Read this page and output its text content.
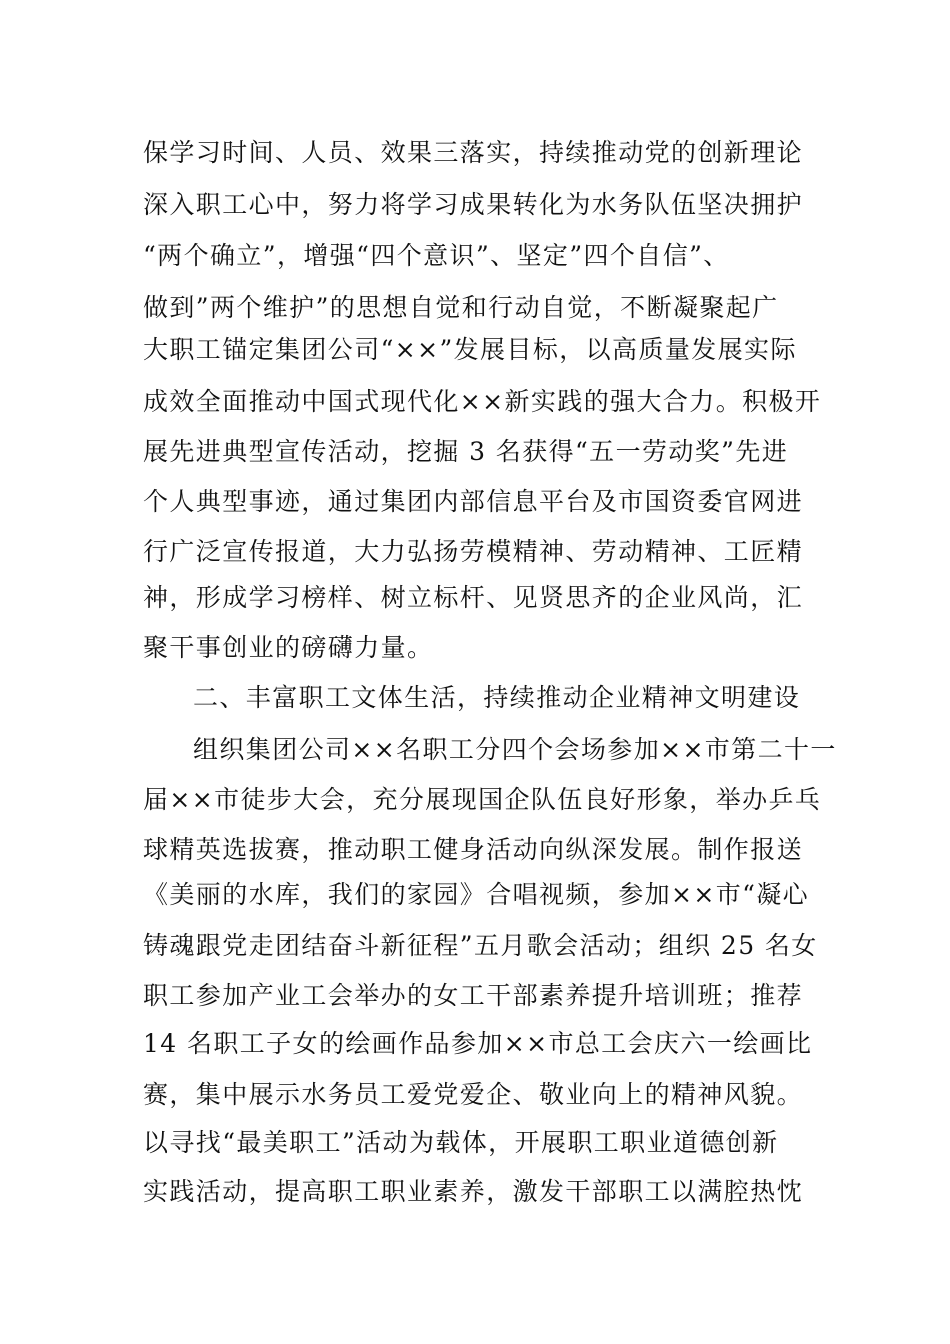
保学习时间、人员、效果三落实，持续推动党的创新理论
深入职工心中，努力将学习成果转化为水务队伍坚决拥护
“两个确立”，增强“四个意识”、坚定”四个自信”、
做到”两个维护”的思想自觉和行动自觉，不断凝聚起广
大职工锚定集团公司“××”发展目标，以高质量发展实际
成效全面推动中国式现代化××新实践的强大合力。积极开
展先进典型宣传活动，挖掘 3 名获得“五一劳动奖”先进
个人典型事迹，通过集团内部信息平台及市国资委官网进
行广泛宣传报道，大力弘扬劳模精神、劳动精神、工匠精
神，形成学习榜样、树立标杆、见贤思齐的企业风尚，汇
聚干事创业的磅礴力量。
二、丰富职工文体生活，持续推动企业精神文明建设
组织集团公司××名职工分四个会场参加××市第二十一
届××市徒步大会，充分展现国企队伍良好形象，举办乒乓
球精英选拔赛，推动职工健身活动向纵深发展。制作报送
《美丽的水库，我们的家园》合唱视频，参加××市“凝心
铸魂跟党走团结奋斗新征程”五月歌会活动；组织 25 名女
职工参加产业工会举办的女工干部素养提升培训班；推荐
14 名职工子女的绘画作品参加××市总工会庆六一绘画比
赛，集中展示水务员工爱党爱企、敬业向上的精神风貌。
以寻找“最美职工”活动为载体，开展职工职业道德创新
实践活动，提高职工职业素养，激发干部职工以满腔热忱
